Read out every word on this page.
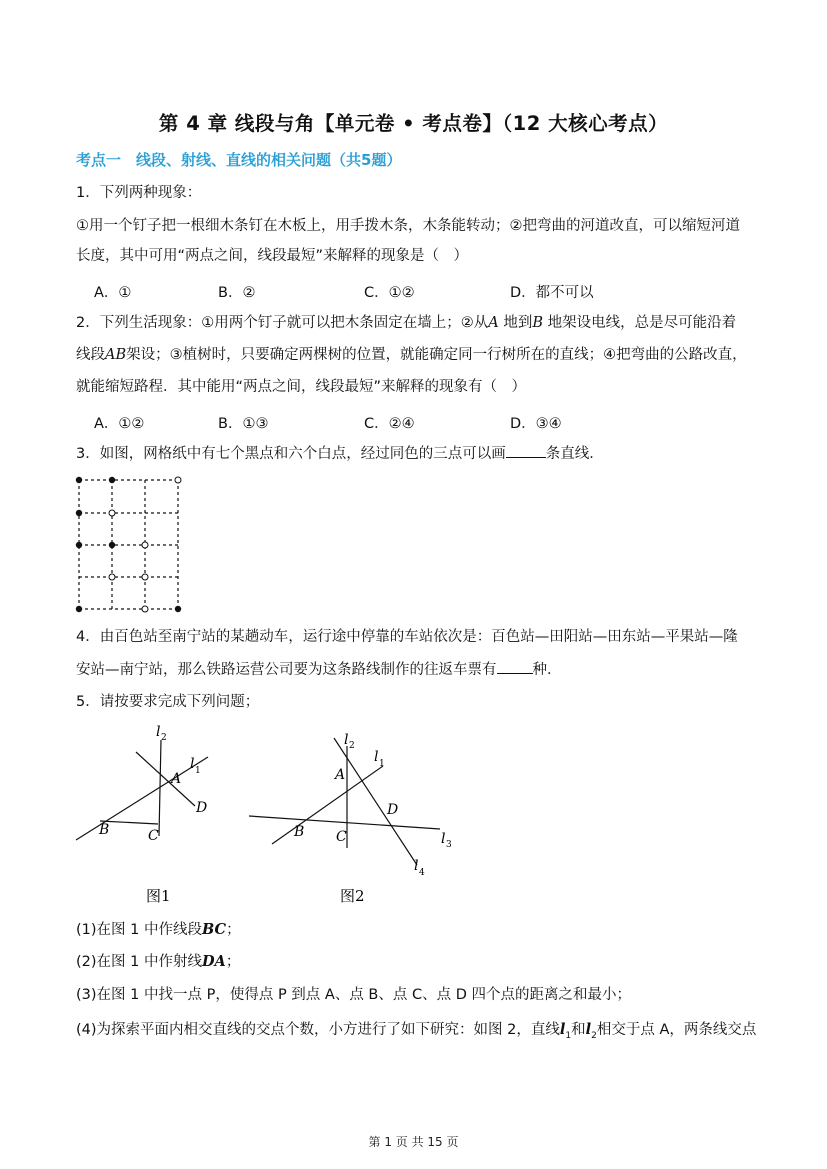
第 4 章 线段与角【单元卷 • 考点卷】（12 大核心考点）
考点一　线段、射线、直线的相关问题（共5题）
1．下列两种现象：
①用一个钉子把一根细木条钉在木板上，用手拨木条，木条能转动；②把弯曲的河道改直，可以缩短河道
长度，其中可用“两点之间，线段最短”来解释的现象是（　）
A．①	B．②	C．①②	D．都不可以
2．下列生活现象：①用两个钉子就可以把木条固定在墙上；②从A 地到B 地架设电线，总是尽可能沿着
线段AB架设；③植树时，只要确定两棵树的位置，就能确定同一行树所在的直线；④把弯曲的公路改直，
就能缩短路程．其中能用“两点之间，线段最短”来解释的现象有（　）
A．①②	B．①③	C．②④	D．③④
3．如图，网格纸中有七个黑点和六个白点，经过同色的三点可以画	条直线．
4．由百色站至南宁站的某趟动车，运行途中停靠的车站依次是：百色站—田阳站—田东站—平果站—隆
安站—南宁站，那么铁路运营公司要为这条路线制作的往返车票有 种．
5．请按要求完成下列问题；
l 2
l 1
A
D
B	C
图1
l 2
l 1
A
D
B C	l 3
l 4
图2
(1)在图 1 中作线段BC；
(2)在图 1 中作射线DA；
(3)在图 1 中找一点 P，使得点 P 到点 A、点 B、点 C、点 D 四个点的距离之和最小；
(4)为探索平面内相交直线的交点个数，小方进行了如下研究：如图 2，直线$l_1$和$l_2$相交于点 A，两条线交点
第 1 页 共 15 页
